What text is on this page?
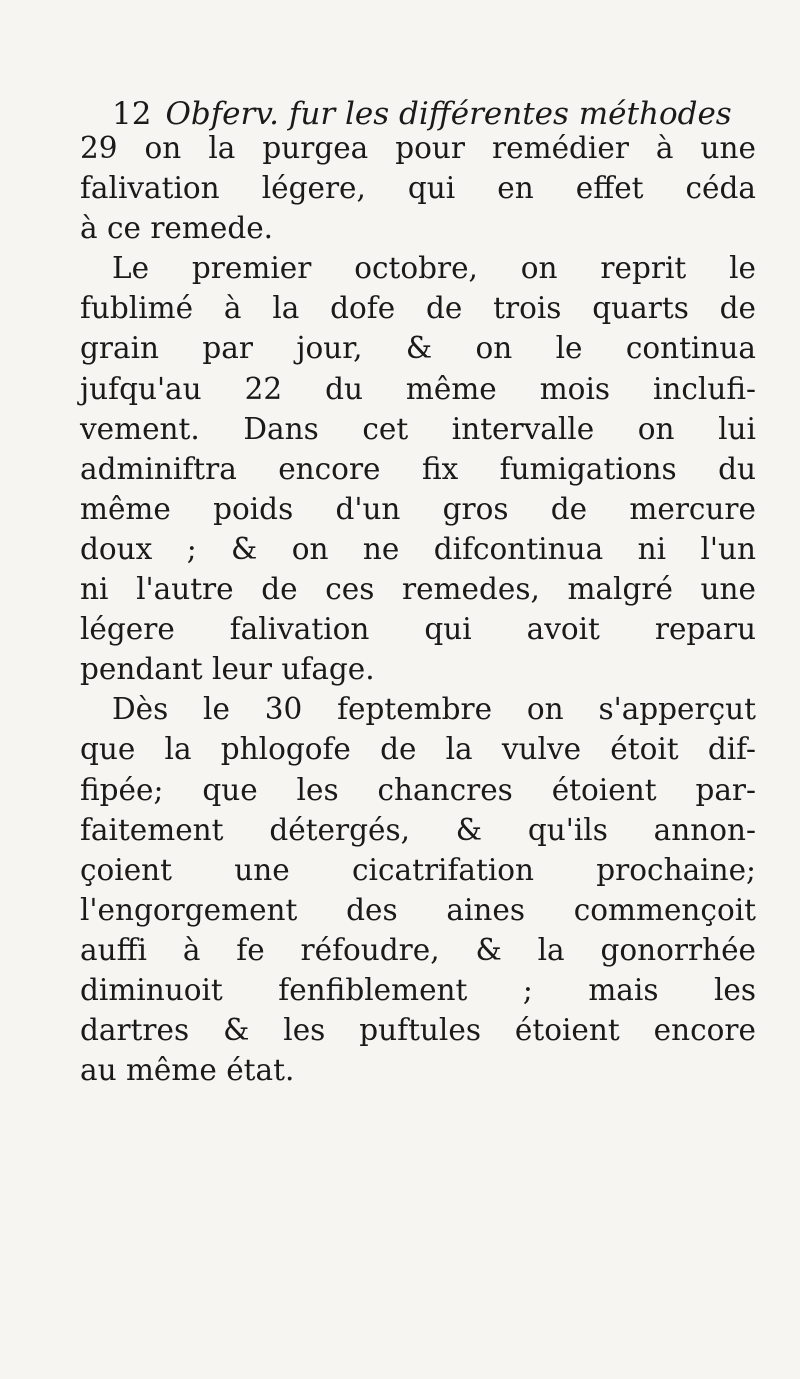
12 Obferv. fur les différentes méthodes
29 on la purgea pour remédier à une
falivation légere, qui en effet céda
à ce remede.
Le premier octobre, on reprit le
fublimé à la dofe de trois quarts de
grain par jour, & on le continua
jufqu'au 22 du même mois inclufi-
vement. Dans cet intervalle on lui
adminiftra encore fix fumigations du
même poids d'un gros de mercure
doux ; & on ne difcontinua ni l'un
ni l'autre de ces remedes, malgré une
légere falivation qui avoit reparu
pendant leur ufage.
Dès le 30 feptembre on s'apperçut
que la phlogofe de la vulve étoit dif-
fipée; que les chancres étoient par-
faitement détergés, & qu'ils annon-
çoient une cicatrifation prochaine;
l'engorgement des aines commençoit
auffi à fe réfoudre, & la gonorrhée
diminuoit fenfiblement ; mais les
dartres & les puftules étoient encore
au même état.
